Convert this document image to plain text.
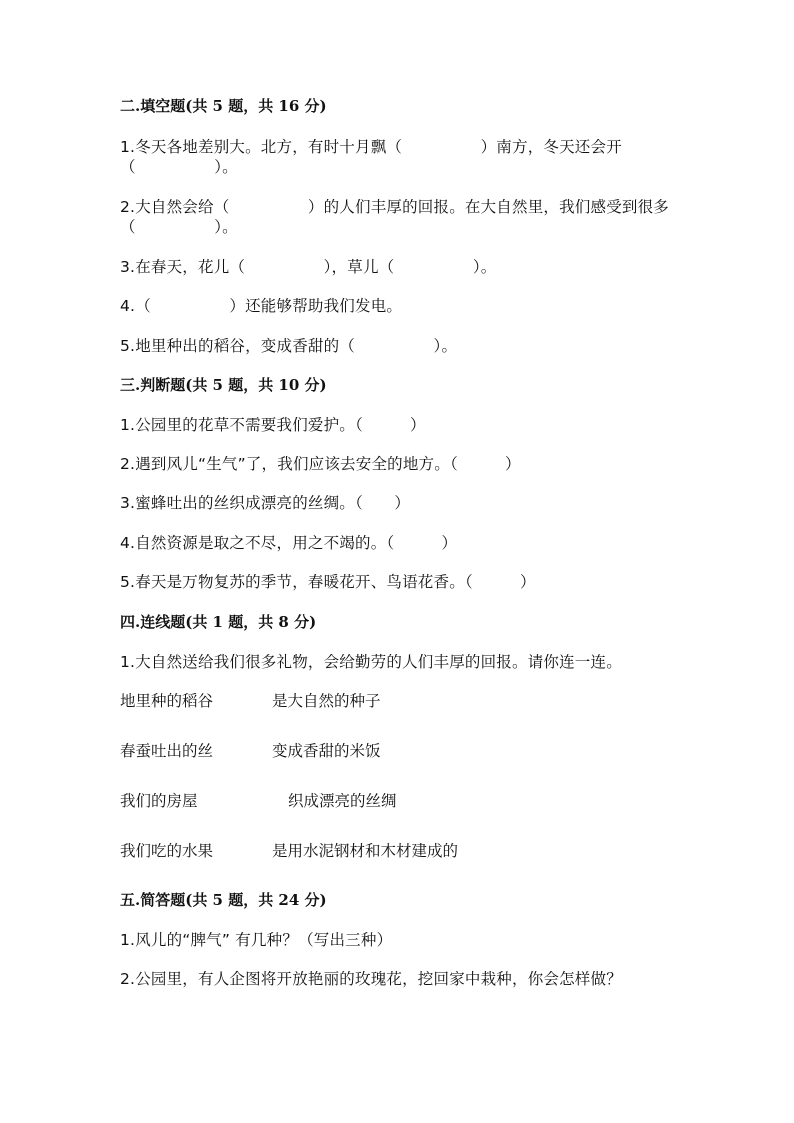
二.填空题(共 5 题，共 16 分)
1.冬天各地差别大。北方，有时十月飘（　　　　　）南方，冬天还会开
（　　　　　）。
2.大自然会给（　　　　　）的人们丰厚的回报。在大自然里，我们感受到很多
（　　　　　）。
3.在春天，花儿（　　　　　），草儿（　　　　　）。
4.（　　　　　）还能够帮助我们发电。
5.地里种出的稻谷，变成香甜的（　　　　　）。
三.判断题(共 5 题，共 10 分)
1.公园里的花草不需要我们爱护。（　　　）
2.遇到风儿“生气”了，我们应该去安全的地方。（　　　）
3.蜜蜂吐出的丝织成漂亮的丝绸。（　　）
4.自然资源是取之不尽，用之不竭的。（　　　）
5.春天是万物复苏的季节，春暖花开、鸟语花香。（　　　）
四.连线题(共 1 题，共 8 分)
1.大自然送给我们很多礼物，会给勤劳的人们丰厚的回报。请你连一连。
地里种的稻谷	是大自然的种子
春蚕吐出的丝	变成香甜的米饭
我们的房屋	织成漂亮的丝绸
我们吃的水果	是用水泥钢材和木材建成的
五.简答题(共 5 题，共 24 分)
1.风儿的“脾气” 有几种？（写出三种）
2.公园里，有人企图将开放艳丽的玫瑰花，挖回家中栽种，你会怎样做？
